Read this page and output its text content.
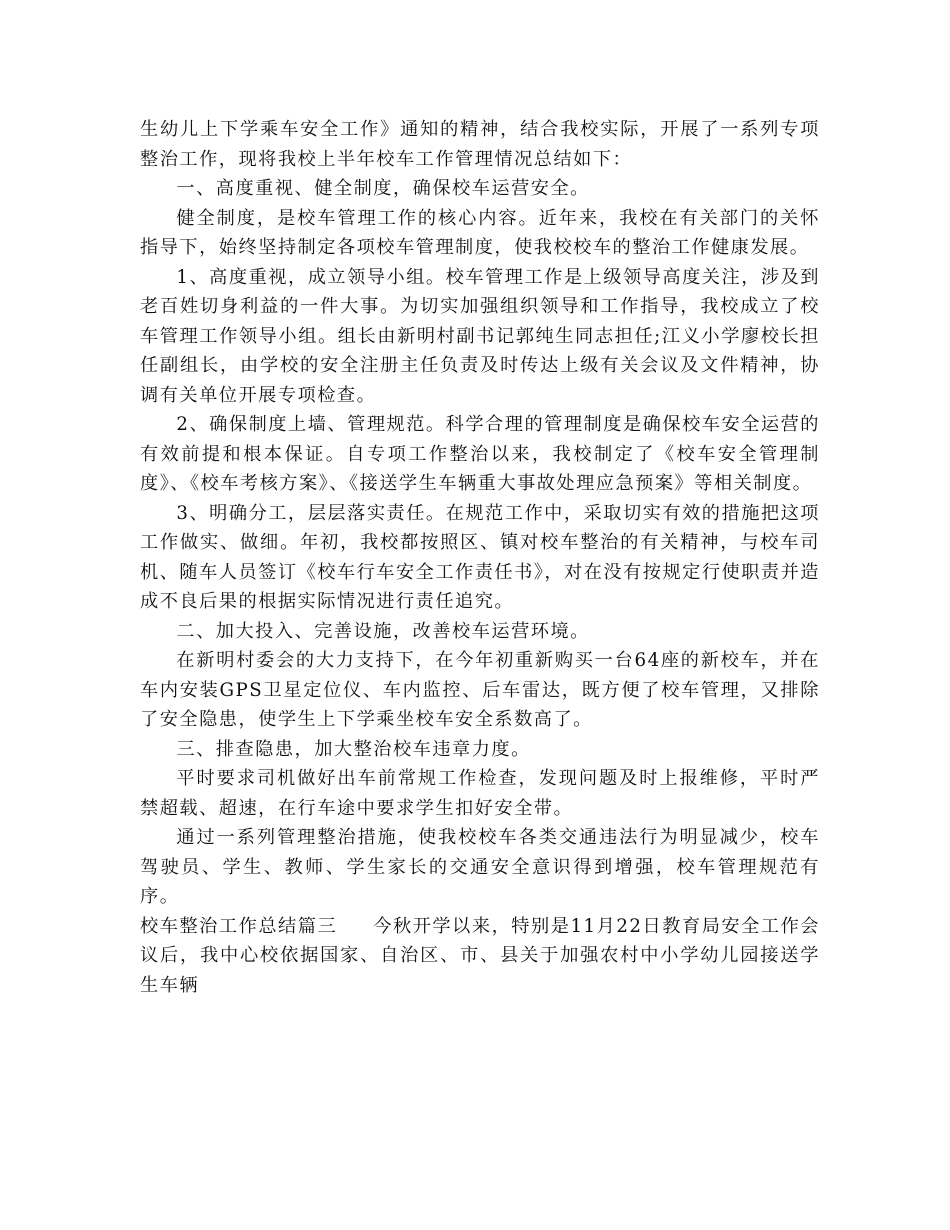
生幼儿上下学乘车安全工作》通知的精神，结合我校实际，开展了一系列专项整治工作，现将我校上半年校车工作管理情况总结如下：

一、高度重视、健全制度，确保校车运营安全。

健全制度，是校车管理工作的核心内容。近年来，我校在有关部门的关怀指导下，始终坚持制定各项校车管理制度，使我校校车的整治工作健康发展。

1、高度重视，成立领导小组。校车管理工作是上级领导高度关注，涉及到老百姓切身利益的一件大事。为切实加强组织领导和工作指导，我校成立了校车管理工作领导小组。组长由新明村副书记郭纯生同志担任;江义小学廖校长担任副组长，由学校的安全注册主任负责及时传达上级有关会议及文件精神，协调有关单位开展专项检查。

2、确保制度上墙、管理规范。科学合理的管理制度是确保校车安全运营的有效前提和根本保证。自专项工作整治以来，我校制定了《校车安全管理制度》、《校车考核方案》、《接送学生车辆重大事故处理应急预案》等相关制度。

3、明确分工，层层落实责任。在规范工作中，采取切实有效的措施把这项工作做实、做细。年初，我校都按照区、镇对校车整治的有关精神，与校车司机、随车人员签订《校车行车安全工作责任书》，对在没有按规定行使职责并造成不良后果的根据实际情况进行责任追究。

二、加大投入、完善设施，改善校车运营环境。

在新明村委会的大力支持下，在今年初重新购买一台64座的新校车，并在车内安装GPS卫星定位仪、车内监控、后车雷达，既方便了校车管理，又排除了安全隐患，使学生上下学乘坐校车安全系数高了。

三、排查隐患，加大整治校车违章力度。

平时要求司机做好出车前常规工作检查，发现问题及时上报维修，平时严禁超载、超速，在行车途中要求学生扣好安全带。

通过一系列管理整治措施，使我校校车各类交通违法行为明显减少，校车驾驶员、学生、教师、学生家长的交通安全意识得到增强，校车管理规范有序。

校车整治工作总结篇三 今秋开学以来，特别是11月22日教育局安全工作会议后，我中心校依据国家、自治区、市、县关于加强农村中小学幼儿园接送学生车辆
